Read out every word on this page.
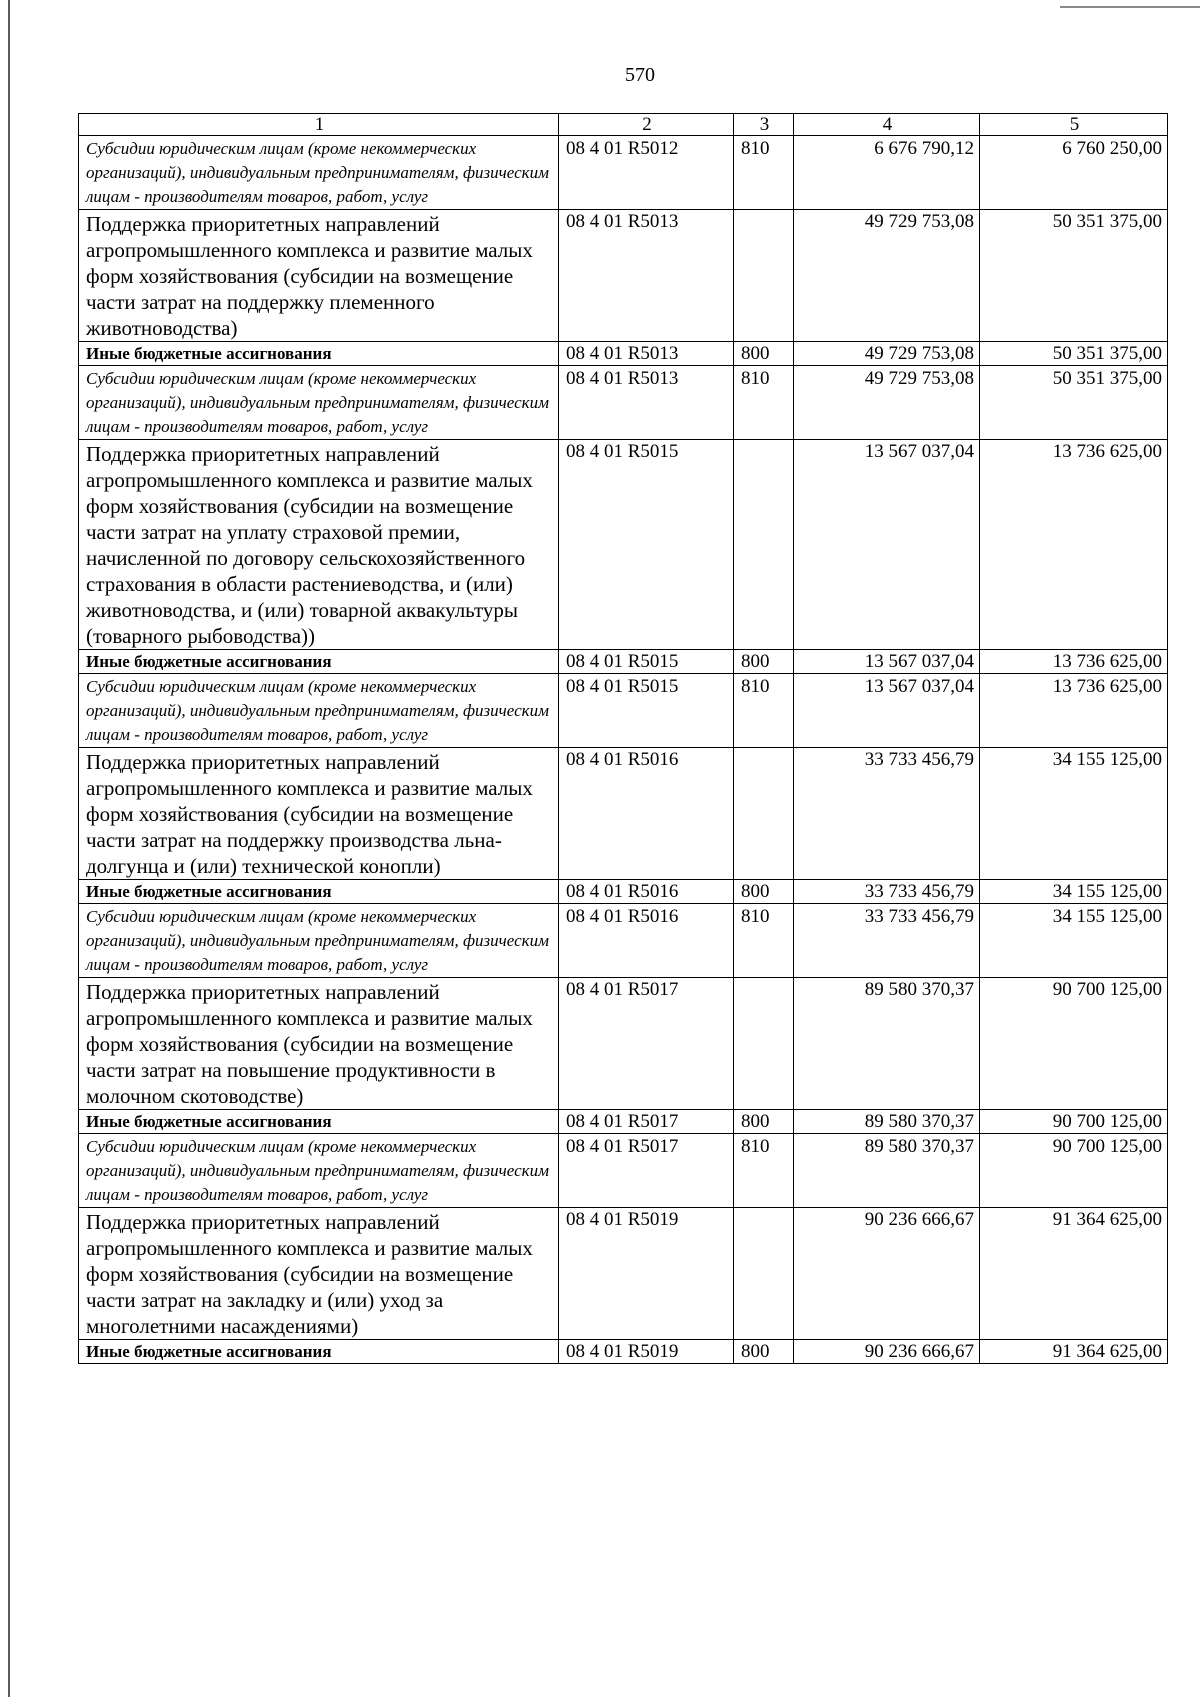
570
1	2	3	4	5
Субсидии юридическим лицам (кроме некоммерческих организаций), индивидуальным предпринимателям, физическим лицам - производителям товаров, работ, услуг	08 4 01 R5012	810	6 676 790,12	6 760 250,00
Поддержка приоритетных направлений агропромышленного комплекса и развитие малых форм хозяйствования (субсидии на возмещение части затрат на поддержку племенного животноводства)	08 4 01 R5013		49 729 753,08	50 351 375,00
Иные бюджетные ассигнования	08 4 01 R5013	800	49 729 753,08	50 351 375,00
Субсидии юридическим лицам (кроме некоммерческих организаций), индивидуальным предпринимателям, физическим лицам - производителям товаров, работ, услуг	08 4 01 R5013	810	49 729 753,08	50 351 375,00
Поддержка приоритетных направлений агропромышленного комплекса и развитие малых форм хозяйствования (субсидии на возмещение части затрат на уплату страховой премии, начисленной по договору сельскохозяйственного страхования в области растениеводства, и (или) животноводства, и (или) товарной аквакультуры (товарного рыбоводства))	08 4 01 R5015		13 567 037,04	13 736 625,00
Иные бюджетные ассигнования	08 4 01 R5015	800	13 567 037,04	13 736 625,00
Субсидии юридическим лицам (кроме некоммерческих организаций), индивидуальным предпринимателям, физическим лицам - производителям товаров, работ, услуг	08 4 01 R5015	810	13 567 037,04	13 736 625,00
Поддержка приоритетных направлений агропромышленного комплекса и развитие малых форм хозяйствования (субсидии на возмещение части затрат на поддержку производства льна-долгунца и (или) технической конопли)	08 4 01 R5016		33 733 456,79	34 155 125,00
Иные бюджетные ассигнования	08 4 01 R5016	800	33 733 456,79	34 155 125,00
Субсидии юридическим лицам (кроме некоммерческих организаций), индивидуальным предпринимателям, физическим лицам - производителям товаров, работ, услуг	08 4 01 R5016	810	33 733 456,79	34 155 125,00
Поддержка приоритетных направлений агропромышленного комплекса и развитие малых форм хозяйствования (субсидии на возмещение части затрат на повышение продуктивности в молочном скотоводстве)	08 4 01 R5017		89 580 370,37	90 700 125,00
Иные бюджетные ассигнования	08 4 01 R5017	800	89 580 370,37	90 700 125,00
Субсидии юридическим лицам (кроме некоммерческих организаций), индивидуальным предпринимателям, физическим лицам - производителям товаров, работ, услуг	08 4 01 R5017	810	89 580 370,37	90 700 125,00
Поддержка приоритетных направлений агропромышленного комплекса и развитие малых форм хозяйствования (субсидии на возмещение части затрат на закладку и (или) уход за многолетними насаждениями)	08 4 01 R5019		90 236 666,67	91 364 625,00
Иные бюджетные ассигнования	08 4 01 R5019	800	90 236 666,67	91 364 625,00
